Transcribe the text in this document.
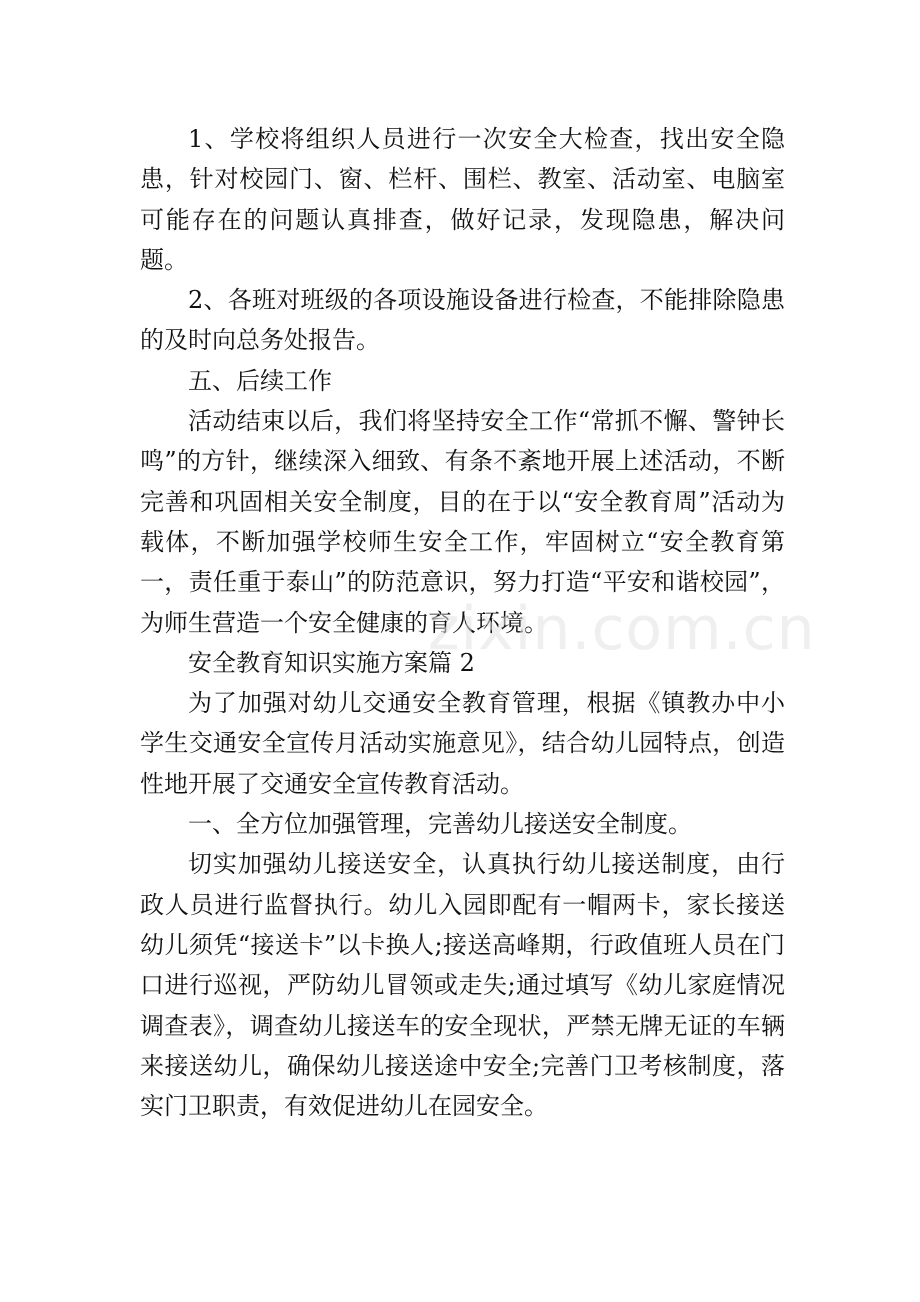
1、学校将组织人员进行一次安全大检查，找出安全隐患，针对校园门、窗、栏杆、围栏、教室、活动室、电脑室可能存在的问题认真排查，做好记录，发现隐患，解决问题。

2、各班对班级的各项设施设备进行检查，不能排除隐患的及时向总务处报告。

五、后续工作

活动结束以后，我们将坚持安全工作“常抓不懈、警钟长鸣”的方针，继续深入细致、有条不紊地开展上述活动，不断完善和巩固相关安全制度，目的在于以“安全教育周”活动为载体，不断加强学校师生安全工作，牢固树立“安全教育第一，责任重于泰山”的防范意识，努力打造“平安和谐校园”，为师生营造一个安全健康的育人环境。

安全教育知识实施方案篇 2

为了加强对幼儿交通安全教育管理，根据《镇教办中小学生交通安全宣传月活动实施意见》，结合幼儿园特点，创造性地开展了交通安全宣传教育活动。

一、全方位加强管理，完善幼儿接送安全制度。

切实加强幼儿接送安全，认真执行幼儿接送制度，由行政人员进行监督执行。幼儿入园即配有一帽两卡，家长接送幼儿须凭“接送卡”以卡换人;接送高峰期，行政值班人员在门口进行巡视，严防幼儿冒领或走失;通过填写《幼儿家庭情况调查表》，调查幼儿接送车的安全现状，严禁无牌无证的车辆来接送幼儿，确保幼儿接送途中安全;完善门卫考核制度，落实门卫职责，有效促进幼儿在园安全。

zixin.com.cn
